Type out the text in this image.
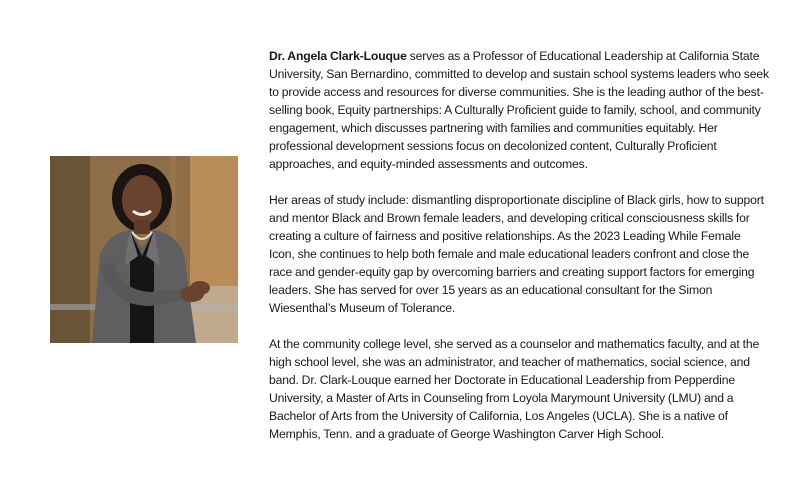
Dr. Angela Clark-Louque serves as a Professor of Educational Leadership at California State University, San Bernardino, committed to develop and sustain school systems leaders who seek to provide access and resources for diverse communities. She is the leading author of the best-selling book, Equity partnerships: A Culturally Proficient guide to family, school, and community engagement, which discusses partnering with families and communities equitably. Her professional development sessions focus on decolonized content, Culturally Proficient approaches, and equity-minded assessments and outcomes.

Her areas of study include: dismantling disproportionate discipline of Black girls, how to support and mentor Black and Brown female leaders, and developing critical consciousness skills for creating a culture of fairness and positive relationships. As the 2023 Leading While Female Icon, she continues to help both female and male educational leaders confront and close the race and gender-equity gap by overcoming barriers and creating support factors for emerging leaders. She has served for over 15 years as an educational consultant for the Simon Wiesenthal’s Museum of Tolerance.

At the community college level, she served as a counselor and mathematics faculty, and at the high school level, she was an administrator, and teacher of mathematics, social science, and band. Dr. Clark-Louque earned her Doctorate in Educational Leadership from Pepperdine University, a Master of Arts in Counseling from Loyola Marymount University (LMU) and a Bachelor of Arts from the University of California, Los Angeles (UCLA). She is a native of Memphis, Tenn. and a graduate of George Washington Carver High School.
